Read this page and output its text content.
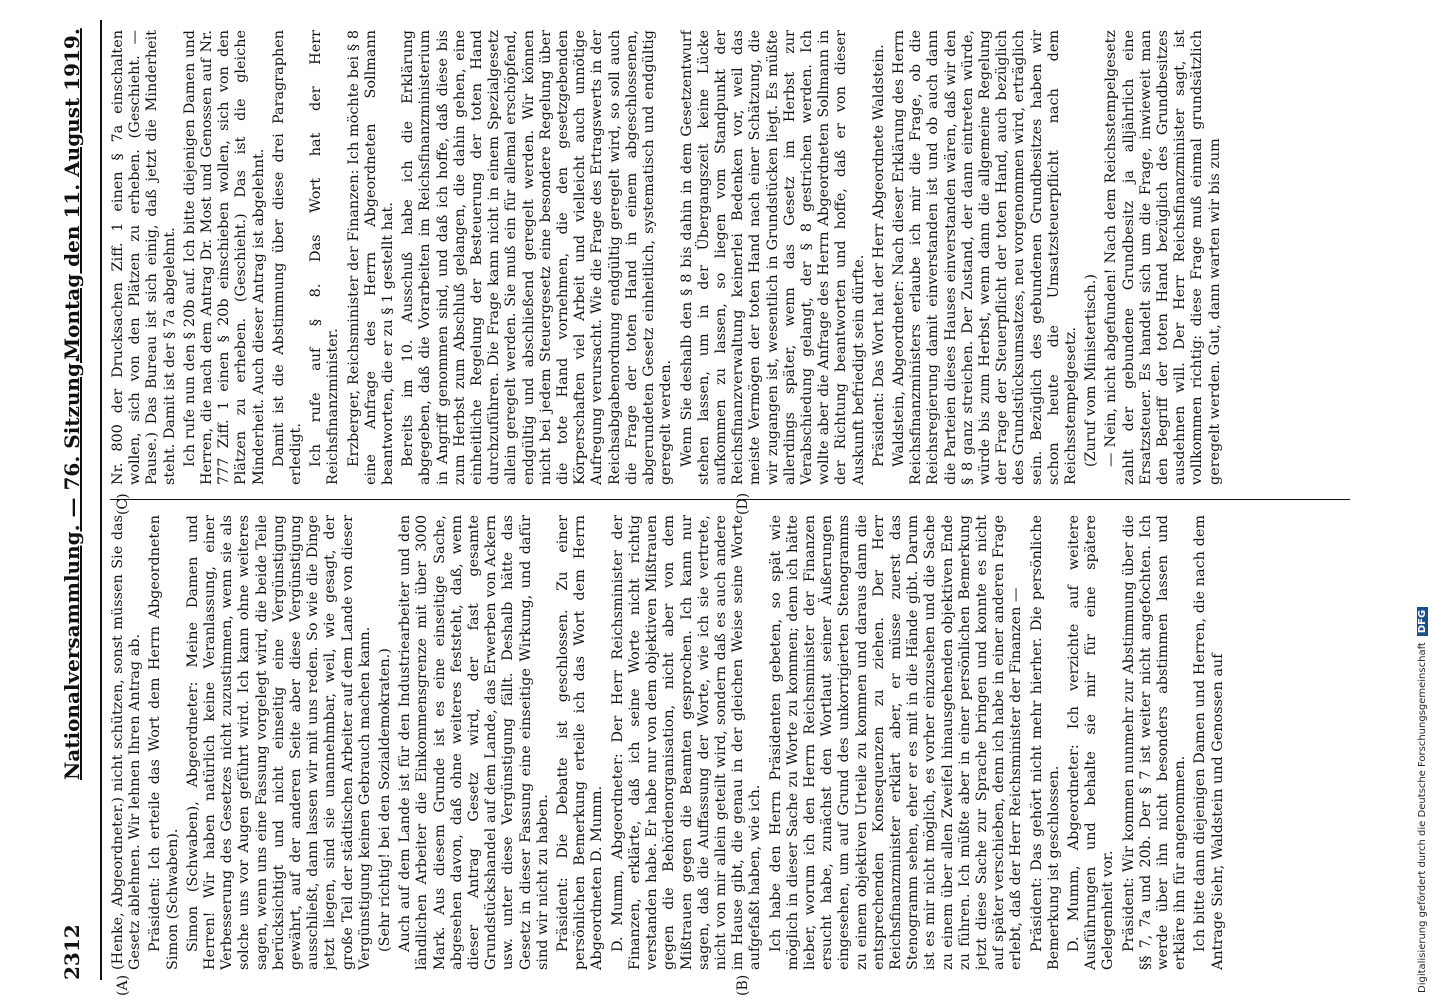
2312
Nationalversammlung. — 76. Sitzung.
Montag den 11. August 1919.
(A)	(B)
(C)	(D)

(Henke, Abgeordneter.) nicht schützen, sonst müssen Sie das Gesetz ablehnen. Wir lehnen Ihren Antrag ab. Präsident: Ich erteile das Wort dem Herrn Abgeordneten Simon (Schwaben). Simon (Schwaben), Abgeordneter: Meine Damen und Herren! Wir haben natürlich keine Veranlassung, einer Verbesserung des Gesetzes nicht zuzustimmen, wenn sie als solche uns vor Augen geführt wird. Ich kann ohne weiteres sagen, wenn uns eine Fassung vorgelegt wird, die beide Teile berücksichtigt und nicht einseitig eine Vergünstigung gewährt, auf der anderen Seite aber diese Vergünstigung ausschließt, dann lassen wir mit uns reden. So wie die Dinge jetzt liegen, sind sie unannehmbar, weil, wie gesagt, der große Teil der städtischen Arbeiter auf dem Lande von dieser Vergünstigung keinen Gebrauch machen kann. (Sehr richtig! bei den Sozialdemokraten.) Auch auf dem Lande ist für den Industriearbeiter und den ländlichen Arbeiter die Einkommensgrenze mit über 3000 Mark. Aus diesem Grunde ist es eine einseitige Sache, abgesehen davon, daß ohne weiteres feststeht, daß, wenn dieser Antrag Gesetz wird, der fast gesamte Grundstückshandel auf dem Lande, das Erwerben von Ackern usw. unter diese Vergünstigung fällt. Deshalb hätte das Gesetz in dieser Fassung eine einseitige Wirkung, und dafür sind wir nicht zu haben. Präsident: Die Debatte ist geschlossen. Zu einer persönlichen Bemerkung erteile ich das Wort dem Herrn Abgeordneten D. Mumm. D. Mumm, Abgeordneter: Der Herr Reichsminister der Finanzen, erklärte, daß ich seine Worte nicht richtig verstanden habe. Er habe nur von dem objektiven Mißtrauen gegen die Behördenorganisation, nicht aber von dem Mißtrauen gegen die Beamten gesprochen. Ich kann nur sagen, daß die Auffassung der Worte, wie ich sie vertrete, nicht von mir allein geteilt wird, sondern daß es auch andere im Hause gibt, die genau in der gleichen Weise seine Worte aufgefaßt haben, wie ich. Ich habe den Herrn Präsidenten gebeten, so spät wie möglich in dieser Sache zu Worte zu kommen; denn ich hätte lieber, worum ich den Herrn Reichsminister der Finanzen ersucht habe, zunächst den Wortlaut seiner Äußerungen eingesehen, um auf Grund des unkorrigierten Stenogramms zu einem objektiven Urteile zu kommen und daraus dann die entsprechenden Konsequenzen zu ziehen. Der Herr Reichsfinanzminister erklärt aber, er müsse zuerst das Stenogramm sehen, eher er es mit in die Hände gibt. Darum ist es mir nicht möglich, es vorher einzusehen und die Sache zu einem über allen Zweifel hinausgehenden objektiven Ende zu führen. Ich müßte aber in einer persönlichen Bemerkung jetzt diese Sache zur Sprache bringen und konnte es nicht auf später verschieben, denn ich habe in einer anderen Frage erlebt, daß der Herr Reichsminister der Finanzen — Präsident: Das gehört nicht mehr hierher. Die persönliche Bemerkung ist geschlossen. D. Mumm, Abgeordneter: Ich verzichte auf weitere Ausführungen und behalte sie mir für eine spätere Gelegenheit vor. Präsident: Wir kommen nunmehr zur Abstimmung über die §§ 7, 7a und 20b. Der § 7 ist weiter nicht angefochten. Ich werde über ihn nicht besonders abstimmen lassen und erkläre ihn für angenommen. Ich bitte dann diejenigen Damen und Herren, die nach dem Antrage Siehr, Waldstein und Genossen auf

Nr. 800 der Drucksachen Ziff. 1 einen § 7a einschalten wollen, sich von den Plätzen zu erheben. (Geschieht. — Pause.) Das Bureau ist sich einig, daß jetzt die Minderheit steht. Damit ist der § 7a abgelehnt. Ich rufe nun den § 20b auf. Ich bitte diejenigen Damen und Herren, die nach dem Antrag Dr. Most und Genossen auf Nr. 777 Ziff. 1 einen § 20b einschieben wollen, sich von den Plätzen zu erheben. (Geschieht.) Das ist die gleiche Minderheit. Auch dieser Antrag ist abgelehnt. Damit ist die Abstimmung über diese drei Paragraphen erledigt. Ich rufe auf § 8. Das Wort hat der Herr Reichsfinanzminister. Erzberger, Reichsminister der Finanzen: Ich möchte bei § 8 eine Anfrage des Herrn Abgeordneten Sollmann beantworten, die er zu § 1 gestellt hat. Bereits im 10. Ausschuß habe ich die Erklärung abgegeben, daß die Vorarbeiten im Reichsfinanzministerium in Angriff genommen sind, und daß ich hoffe, daß diese bis zum Herbst zum Abschluß gelangen, die dahin gehen, eine einheitliche Regelung der Besteuerung der toten Hand durchzuführen. Die Frage kann nicht in einem Spezialgesetz allein geregelt werden. Sie muß ein für allemal erschöpfend, endgültig und abschließend geregelt werden. Wir können nicht bei jedem Steuergesetz eine besondere Regelung über die tote Hand vornehmen, die den gesetzgebenden Körperschaften viel Arbeit und vielleicht auch unnötige Aufregung verursacht. Wie die Frage des Ertragswerts in der Reichsabgabenordnung endgültig geregelt wird, so soll auch die Frage der toten Hand in einem abgeschlossenen, abgerundeten Gesetz einheitlich, systematisch und endgültig geregelt werden. Wenn Sie deshalb den § 8 bis dahin in dem Gesetzentwurf stehen lassen, um in der Übergangszeit keine Lücke aufkommen zu lassen, so liegen vom Standpunkt der Reichsfinanzverwaltung keinerlei Bedenken vor, weil das meiste Vermögen der toten Hand nach einer Schätzung, die wir zugangen ist, wesentlich in Grundstücken liegt. Es müßte allerdings später, wenn das Gesetz im Herbst zur Verabschiedung gelangt, der § 8 gestrichen werden. Ich wollte aber die Anfrage des Herrn Abgeordneten Sollmann in der Richtung beantworten und hoffe, daß er von dieser Auskunft befriedigt sein dürfte. Präsident: Das Wort hat der Herr Abgeordnete Waldstein. Waldstein, Abgeordneter: Nach dieser Erklärung des Herrn Reichsfinanzministers erlaube ich mir die Frage, ob die Reichsregierung damit einverstanden ist und ob auch dann die Parteien dieses Hauses einverstanden wären, daß wir den § 8 ganz streichen. Der Zustand, der dann eintreten würde, würde bis zum Herbst, wenn dann die allgemeine Regelung der Frage der Steuerpflicht der toten Hand, auch bezüglich des Grundstücksumsatzes, neu vorgenommen wird, erträglich sein. Bezüglich des gebundenen Grundbesitzes haben wir schon heute die Umsatzsteuerpflicht nach dem Reichsstempelgesetz. (Zuruf vom Ministertisch.) — Nein, nicht abgefunden! Nach dem Reichsstempelgesetz zahlt der gebundene Grundbesitz ja alljährlich eine Ersatzsteuer. Es handelt sich um die Frage, inwieweit man den Begriff der toten Hand bezüglich des Grundbesitzes ausdehnen will. Der Herr Reichsfinanzminister sagt, ist vollkommen richtig: diese Frage muß einmal grundsätzlich geregelt werden. Gut, dann warten wir bis zum

Digitalisierung gefördert durch die Deutsche ForschungsgemeinschaftDFG
